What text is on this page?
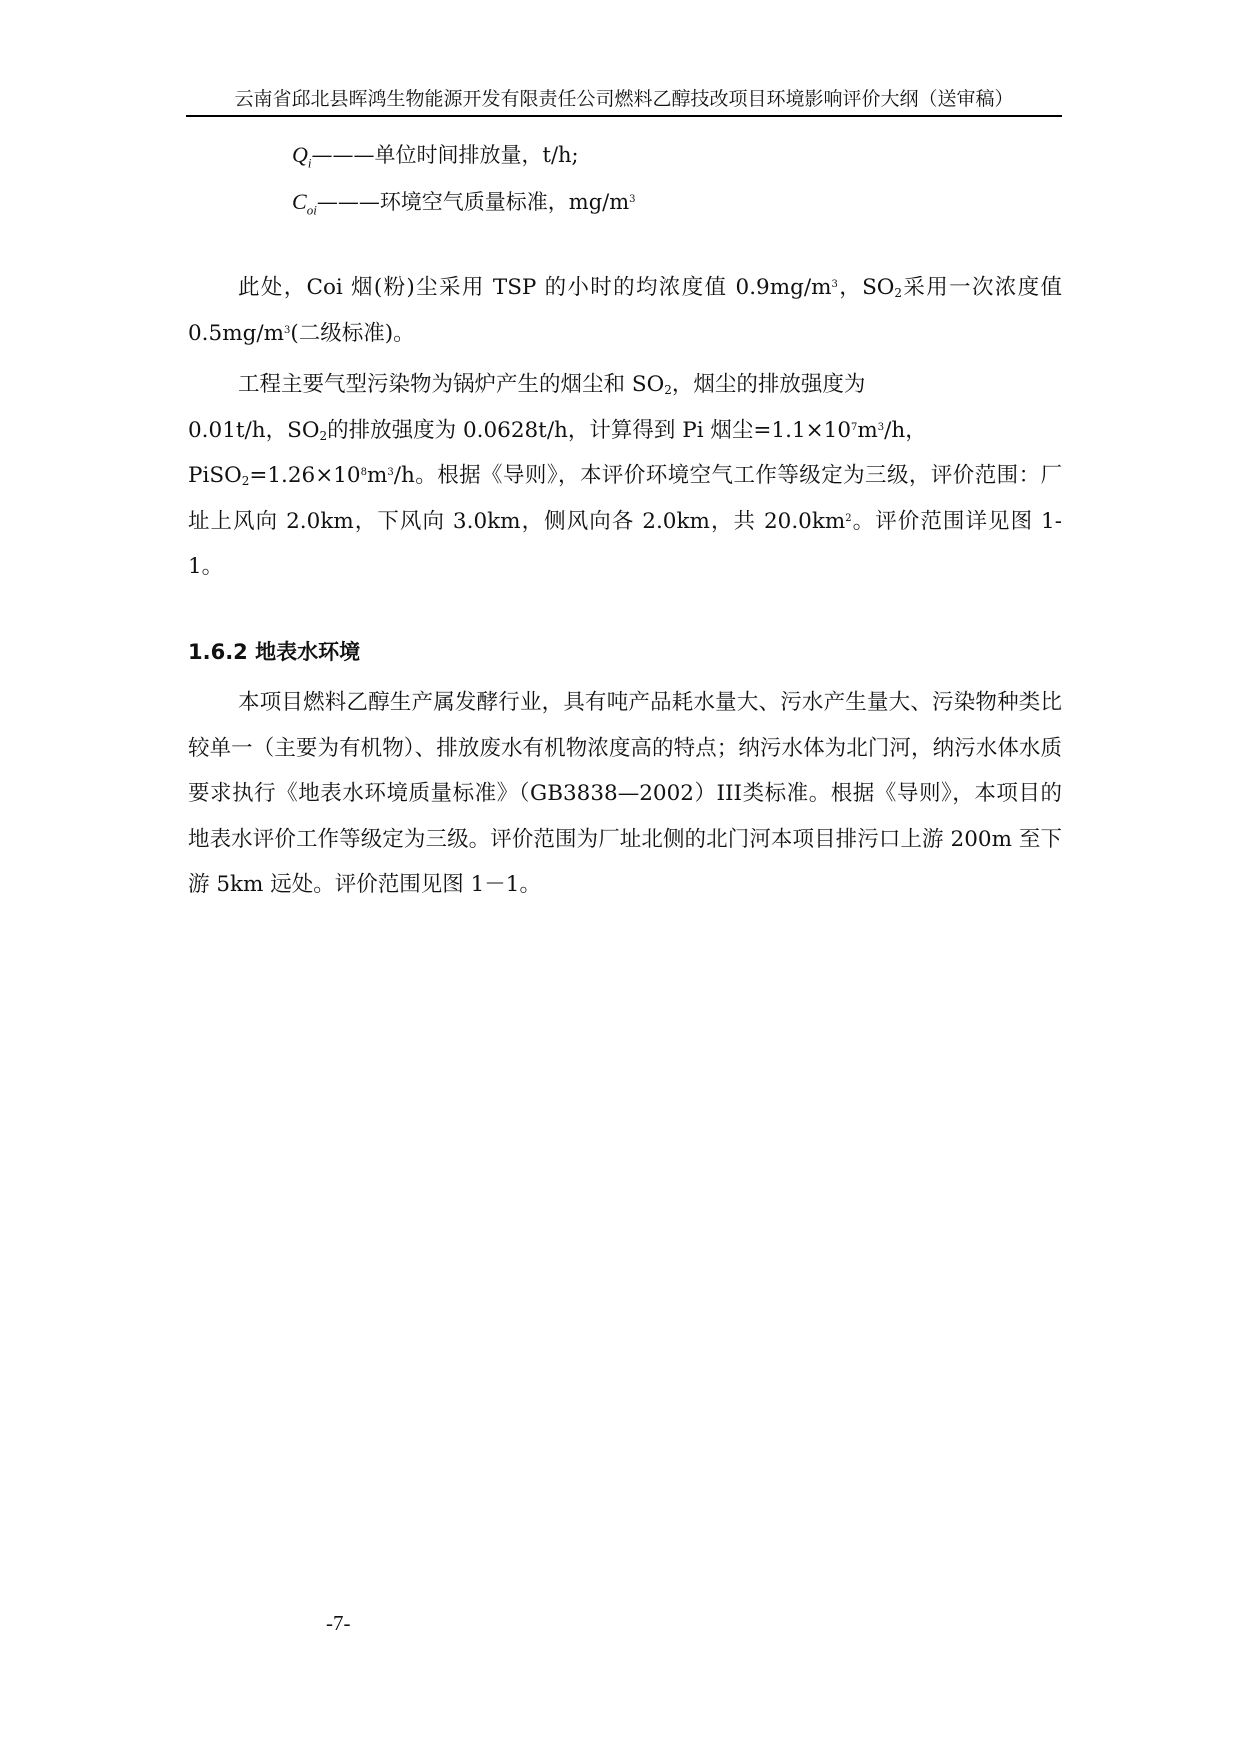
云南省邱北县晖鸿生物能源开发有限责任公司燃料乙醇技改项目环境影响评价大纲（送审稿）
$Q_i———$单位时间排放量，t/h;
$C_{oi}———$环境空气质量标准，$mg/m^3$
此处，Coi 烟(粉)尘采用 TSP 的小时的均浓度值 $0.9mg/m^3$，$SO_2$采用一次浓度值 $0.5mg/m^3$(二级标准)。
工程主要气型污染物为锅炉产生的烟尘和 $SO_2$，烟尘的排放强度为
0.01t/h，$SO_2$的排放强度为 0.0628t/h，计算得到 Pi 烟尘$=1.1\times 10^7m^3/h$，
$PiSO_2=1.26\times 10^8m^3/h$。根据《导则》，本评价环境空气工作等级定为三级，评价范围：厂址上风向 2.0km，下风向 3.0km，侧风向各 2.0km，共 $20.0km^2$。评价范围详见图 1-1。
1.6.2 地表水环境
本项目燃料乙醇生产属发酵行业，具有吨产品耗水量大、污水产生量大、污染物种类比较单一（主要为有机物）、排放废水有机物浓度高的特点；纳污水体为北门河，纳污水体水质要求执行《地表水环境质量标准》（GB3838—2002）III类标准。根据《导则》，本项目的地表水评价工作等级定为三级。评价范围为厂址北侧的北门河本项目排污口上游 200m 至下游 5km 远处。评价范围见图 1－1。
-7-
